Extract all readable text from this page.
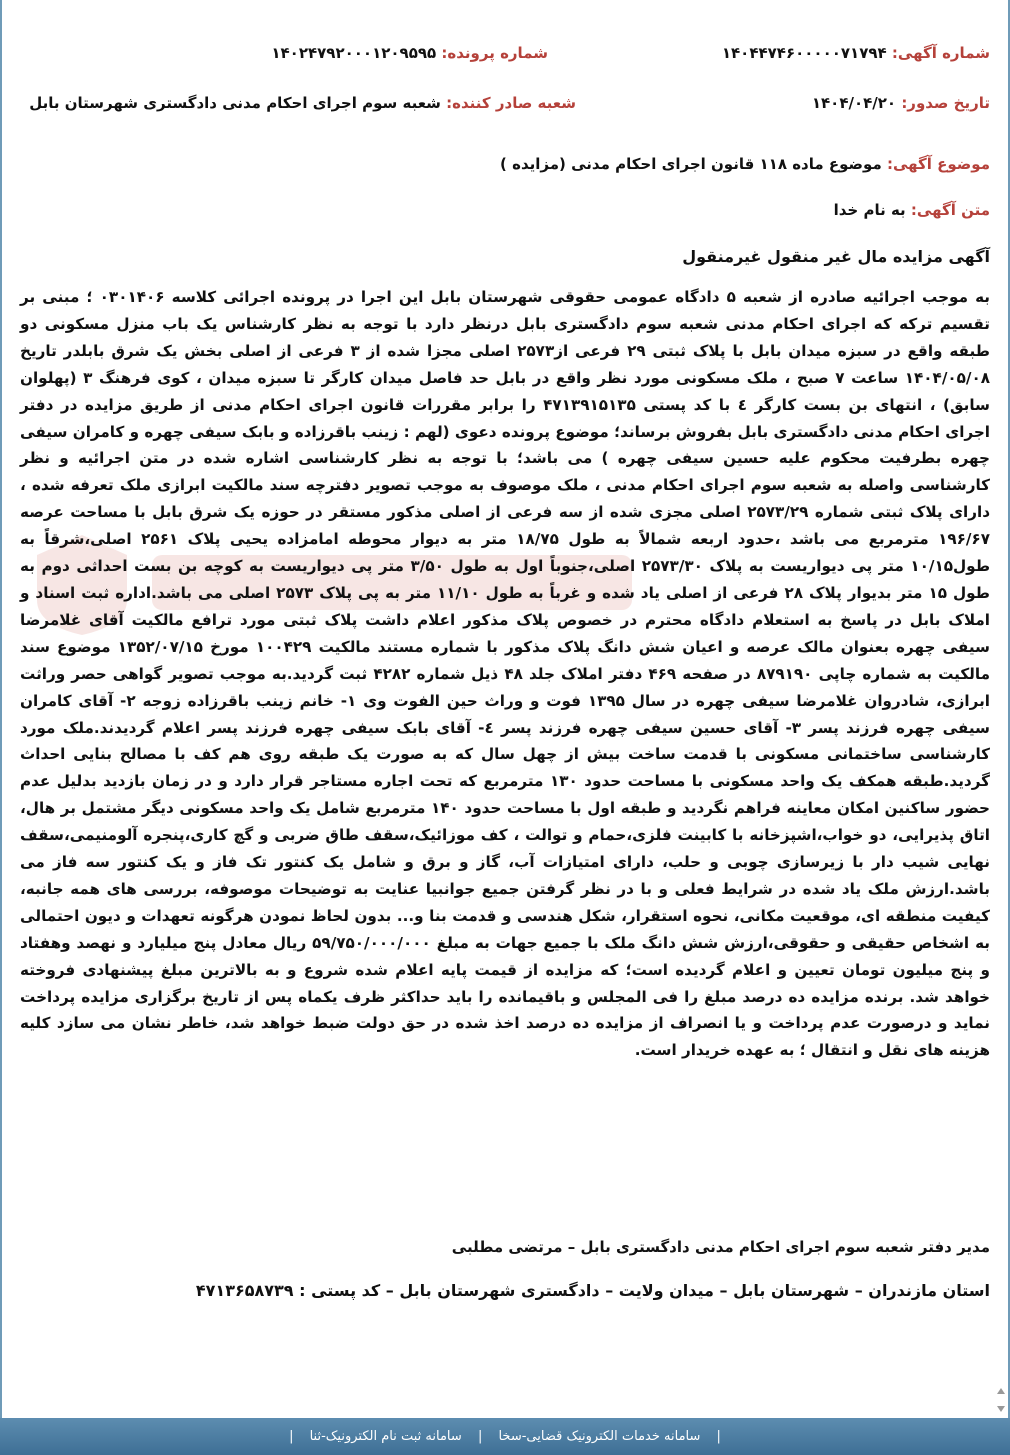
شماره آگهی: ۱۴۰۴۴۷۴۶۰۰۰۰۰۷۱۷۹۴
شماره پرونده: ۱۴۰۲۴۷۹۲۰۰۰۱۲۰۹۵۹۵
تاریخ صدور: ۱۴۰۴/۰۴/۲۰
شعبه صادر کننده: شعبه سوم اجرای احکام مدنی دادگستری شهرستان بابل
موضوع آگهی: موضوع ماده ۱۱۸ قانون اجرای احکام مدنی (مزایده )
متن آگهی: به نام خدا
آگهی مزایده مال غیر منقول غیرمنقول
به موجب اجرائیه صادره از شعبه ۵ دادگاه عمومی حقوقی شهرستان بابل این اجرا در پرونده اجرائی کلاسه ۰۳۰۱۴۰۶ ؛ مبنی بر تقسیم ترکه که اجرای احکام مدنی شعبه سوم دادگستری بابل درنظر دارد با توجه به نظر کارشناس یک باب منزل مسکونی دو طبقه واقع در سبزه میدان بابل با پلاک ثبتی ۲۹ فرعی از۲۵۷۳ اصلی مجزا شده از ۳ فرعی از اصلی بخش یک شرق بابلدر تاریخ ۱۴۰۴/۰۵/۰۸ ساعت ۷ صبح ، ملک مسکونی مورد نظر واقع در بابل حد فاصل میدان کارگر تا سبزه میدان ، کوی فرهنگ ۳ (پهلوان سابق) ، انتهای بن بست کارگر ٤ با کد پستی ۴۷۱۳۹۱۵۱۳۵ را برابر مقررات قانون اجرای احکام مدنی از طریق مزایده در دفتر اجرای احکام مدنی دادگستری بابل بفروش برساند؛ موضوع پرونده دعوی (لهم : زینب باقرزاده و بابک سیفی چهره و کامران سیفی چهره بطرفیت محکوم علیه حسین سیفی چهره ) می باشد؛ با توجه به نظر کارشناسی اشاره شده در متن اجرائیه و نظر کارشناسی واصله به شعبه سوم اجرای احکام مدنی ، ملک موصوف به موجب تصویر دفترچه سند مالکیت ابرازی ملک تعرفه شده ، دارای پلاک ثبتی شماره ۲۵۷۳/۲۹ اصلی مجزی شده از سه فرعی از اصلی مذکور مستقر در حوزه یک شرق بابل با مساحت عرصه ۱۹۶/۶۷ مترمربع می باشد ،حدود اربعه شمالاً به طول ۱۸/۷۵ متر به دیوار محوطه امامزاده یحیی پلاک ۲۵۶۱ اصلی،شرقاً به طول۱۰/۱۵ متر پی دیواریست به پلاک ۲۵۷۳/۳۰ اصلی،جنوباً اول به طول ۳/۵۰ متر پی دیواریست به کوچه بن بست احداثی دوم به طول ۱۵ متر بدیوار پلاک ۲۸ فرعی از اصلی یاد شده و غرباً به طول ۱۱/۱۰ متر به پی پلاک ۲۵۷۳ اصلی می باشد.اداره ثبت اسناد و املاک بابل در پاسخ به استعلام دادگاه محترم در خصوص پلاک مذکور اعلام داشت پلاک ثبتی مورد ترافع مالکیت آقای غلامرضا سیفی چهره بعنوان مالک عرصه و اعیان شش دانگ پلاک مذکور با شماره مستند مالکیت ۱۰۰۴۲۹ مورخ ۱۳۵۲/۰۷/۱۵ موضوع سند مالکیت به شماره چاپی ۸۷۹۱۹۰ در صفحه ۴۶۹ دفتر املاک جلد ۴۸ ذیل شماره ۴۲۸۲ ثبت گردید.به موجب تصویر گواهی حصر وراثت ابرازی، شادروان غلامرضا سیفی چهره در سال ۱۳۹۵ فوت و وراث حین الفوت وی ۱- خانم زینب باقرزاده زوجه ۲- آقای کامران سیفی چهره فرزند پسر ۳- آقای حسین سیفی چهره فرزند پسر ٤- آقای بابک سیفی چهره فرزند پسر اعلام گردیدند.ملک مورد کارشناسی ساختمانی مسکونی با قدمت ساخت بیش از چهل سال که به صورت یک طبقه روی هم کف با مصالح بنایی احداث گردید.طبقه همکف یک واحد مسکونی با مساحت حدود ۱۳۰ مترمربع که تحت اجاره مستاجر قرار دارد و در زمان بازدید بدلیل عدم حضور ساکنین امکان معاینه فراهم نگردید و طبقه اول با مساحت حدود ۱۴۰ مترمربع شامل یک واحد مسکونی دیگر مشتمل بر هال، اتاق پذیرایی، دو خواب،اشپزخانه با کابینت فلزی،حمام و توالت ، کف موزائیک،سقف طاق ضربی و گچ کاری،پنجره آلومنیمی،سقف نهایی شیب دار با زیرسازی چوبی و حلب، دارای امتیازات آب، گاز و برق و شامل یک کنتور تک فاز و یک کنتور سه فاز می باشد.ارزش ملک یاد شده در شرایط فعلی و با در نظر گرفتن جمیع جوانبیا عنایت به توضیحات موصوفه، بررسی های همه جانبه، کیفیت منطقه ای، موقعیت مکانی، نحوه استقرار، شکل هندسی و قدمت بنا و... بدون لحاظ نمودن هرگونه تعهدات و دیون احتمالی به اشخاص حقیقی و حقوقی،ارزش شش دانگ ملک با جمیع جهات به مبلغ ۵۹/۷۵۰/۰۰۰/۰۰۰ ریال معادل پنج میلیارد و نهصد وهفتاد و پنج میلیون تومان تعیین و اعلام گردیده است؛ که مزایده از قیمت پایه اعلام شده شروع و به بالاترین مبلغ پیشنهادی فروخته خواهد شد. برنده مزایده ده درصد مبلغ را فی المجلس و باقیمانده را باید حداکثر ظرف یکماه پس از تاریخ برگزاری مزایده پرداخت نماید و درصورت عدم پرداخت و یا انصراف از مزایده ده درصد اخذ شده در حق دولت ضبط خواهد شد، خاطر نشان می سازد کلیه هزینه های نقل و انتقال ؛ به عهده خریدار است.
مدیر دفتر شعبه سوم اجرای احکام مدنی دادگستری بابل – مرتضی مطلبی
استان مازندران – شهرستان بابل – میدان ولایت – دادگستری شهرستان بابل – کد پستی : ۴۷۱۳۶۵۸۷۳۹
| سامانه خدمات الکترونیک قضایی-سخا | سامانه ثبت نام الکترونیک-ثنا |
